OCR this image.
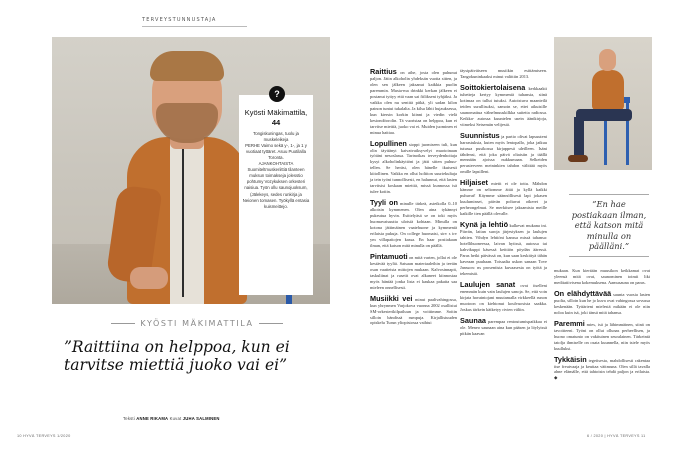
TERVEYSTUNNUSTAJA
?
Kyösti Mäkimattila,
44
Tongiskuningas, tuolu ja muskeleikeja
PERHE Vaimo sekä y-, 1-, ja 1 y vuotiaat tyttäret. Asuu Puotilalla Toronta.
AJANKOHTAISTA Suomiteltmuskeriittiä tilanteen muksun toimakseja jolesstio pohtumy Vozykuksen orkesteri naisiua. Työn ollu saunojuoksum, (Jälekeys, sedes runkirja ja Neionen tomasen. Työkyllä entasia kuismeittejo.
KYÖSTI MÄKIMATTILA
”Raittiina on helppoa, kun ei tarvitse miettiä juoko vai ei”
Teksti ANNE RIKAMA Kuvat JUHA SALMINEN

Raittius on aihe, josta olen puhunut paljon. Jätin alkoholin yhdeksän vuotta sitten, ja olen sen jälkeen jaksanut kaikkia puolin paremmin. Musta-ma drinkki kerkan jälkeen ei postanut tyttyy että vaan sai fiilikseni tyhjäksi. Ja vaikka olen nu sentitä pitkä, yli sadan kilon painon tuntui tukalalta. Ja kilsa lähti hujauksessa, kun kiersin korkin kiinni ja viedin vielä kesiondöorolin. Tä vuoristaa on helppoa, kun ei tarvitse miettiä, juoko vai ei. Muiden juominen ei minua haittaa.

Lopullinen sioppi juomiseen tuli, kun olin täyttänyt kaivatvaiksyvelyt muotoinaan työtäni nesoslassa. Tarinoikas terveydenhoitaja kysyi alkoholinkäyttöni ja jätti sitten puhuu- tellen. Se heräsi, olen hänelle ikuisesti kiitollinen. Vaikka en ollut holtiton suuriekultaja ja tein työni tunnollisesti, en halunnut, että lasten tarvitsisi koskaan miettiä, missä kunnossa isä tulee kotiin.

Tyyli on minulle tärkeä, asteikolla 0–10 alkoisin kymmenen. Olen aina tykännyt pukeutua hyvin. Esittelyäsä se on toki myös huomavaisuutta ulotsiä kohtaan. Minulla on kotona jättimäinen vaatehuone ja kymmeniä erilaisia pukuja. On college huomaisi, sirv s irv ym villapaitojen kassa. En haar postiakaan ilman, että katson mitä minulla on päällä.

Pintamuoti on mitä varten, jollai ei ole kestävää tyyliä. Satsaan materiaaleihin ja teetän osan vaatteista mittojen mukaan. Kalvosinnapit, taskuliinat ja rusetit ovat alkaneet kiinnostaa myös häntää jonka lista ei kaukaa pakaita saa mieleen onnellisesti.

Musiikki vei minut paalivahingossa, kun yhrynmen Varjokova vuonna 2002 osallistui SM-orkesterikilpailuun ja voittimme. Soitin silloin bändissä rumpuja. Kirjallistuuden opiskelu Turun yliopistossa vaihtui

täysipäiväiseen musiikin esittämiseen. Tangokuninkaaksi minut valittiin 2013.

Soittokiertolaisena kerkkaakti tuhetteja kertyy kymmeniä tuhansia, siinä kotimaa on tullut tutuksi. Autoistuva maanteilä teiden surullisuksi, samoin se, ettei aikuisille saunomattua välnelmuuskilkka suitetta radiossa. Keikka- autossa kuuntelen usein äänikirjoja, viimeksi Setsemän velijestä.

Suunnistus ja partio olivat lapsuuteni harrastuksia, kuten myös lentopallo, joka jatkuu tutussa pusikossa kirjappesä uleilleen. Isäni tähdensi, että joka päivä oltaisiin ja täällä mennään ajoissa nukkumaan. Selkeiden perusterveen meininkien tahdon välittää myös omille lapsilleni.

Hiljaiset mietit ei ole tottu. Mähdon kämme on seltomme äitäi ja kyllä kaikki puhuvat! Käymme säännöllisesti lapi jokasen kuuluminset, päivän poltavat otkeret ja perheongelmat. Se merkitsee jaksamista meille kaikille tien päällä olevalle.

Kynä ja lehtiö kulkevat mukana ini. Piirrän, laitan suroja järjestyksen ja laulujen tahtien. Vihdyn lehtiöni kanssa missä tahansa: hotellihuoneessa, laivan hytissä, autossa tai kahvikuppi käsessä keittiön pöydän ääressä. Paras hetki päivässä on, kun saan keskittyä tähän kaveaan puuhaan. Toisaalta uskon sanaan Tove Jansson: ns prosentista kuvaasesta on työtä ja tekemistä.

Laulujen sanat ovat itselleni enemmän kuin vain laulujen sanoja. Se, että voin kirjata havaintojani muutamalla virkkeellä runon muotoon on kiehtonut koulvuosista saakka. Joskus tärkein kätketyy rivien väliin.

Saunaa parempaa rentoutumispaikkaa ei ole. Meneo saunaan aina kun pääsen ja löylyissä pitkän kaavan

”En hae postiakaan ilman, että katson mitä minulla on päälläni.”

mukaan. Kun kiertään muusikon keikkamat ovat yleensä mitä ovat, saunominen toimii liki meditatiivisena kokemuksena. Aamusauna on paras.

On elähdyttävää saunta vuosia lasten puolta, silloin kun he jo kuva ovat vahingossa sovussa keskenään. Tyttärieni mielestä mikään ei ole niin noloa kuin isä, joki tänsä mitä tahansa.

Paremmi mies, isä ja lähimmäinen, siinä on tavoitteeni. Työni on ollut ollunas perheellisen, ja huono omatunto on vakituinen seuralainen. Tärkeintä tatolja ihmiselle on osata kuunnella, niin tsiele myös kuulluksi.

Tykkäisin tegeiisesta, mahdollisesti rakentaa itse freutvaaja ja keuttaa väitmuna. Olen sillä tavalla ahne elämälle, että tahtoisin tehdä paljon ja erilaista. ◆

10 HYVÄ TERVEYS 1/2020	6 / 2020 | HYVÄ TERVEYS 11
